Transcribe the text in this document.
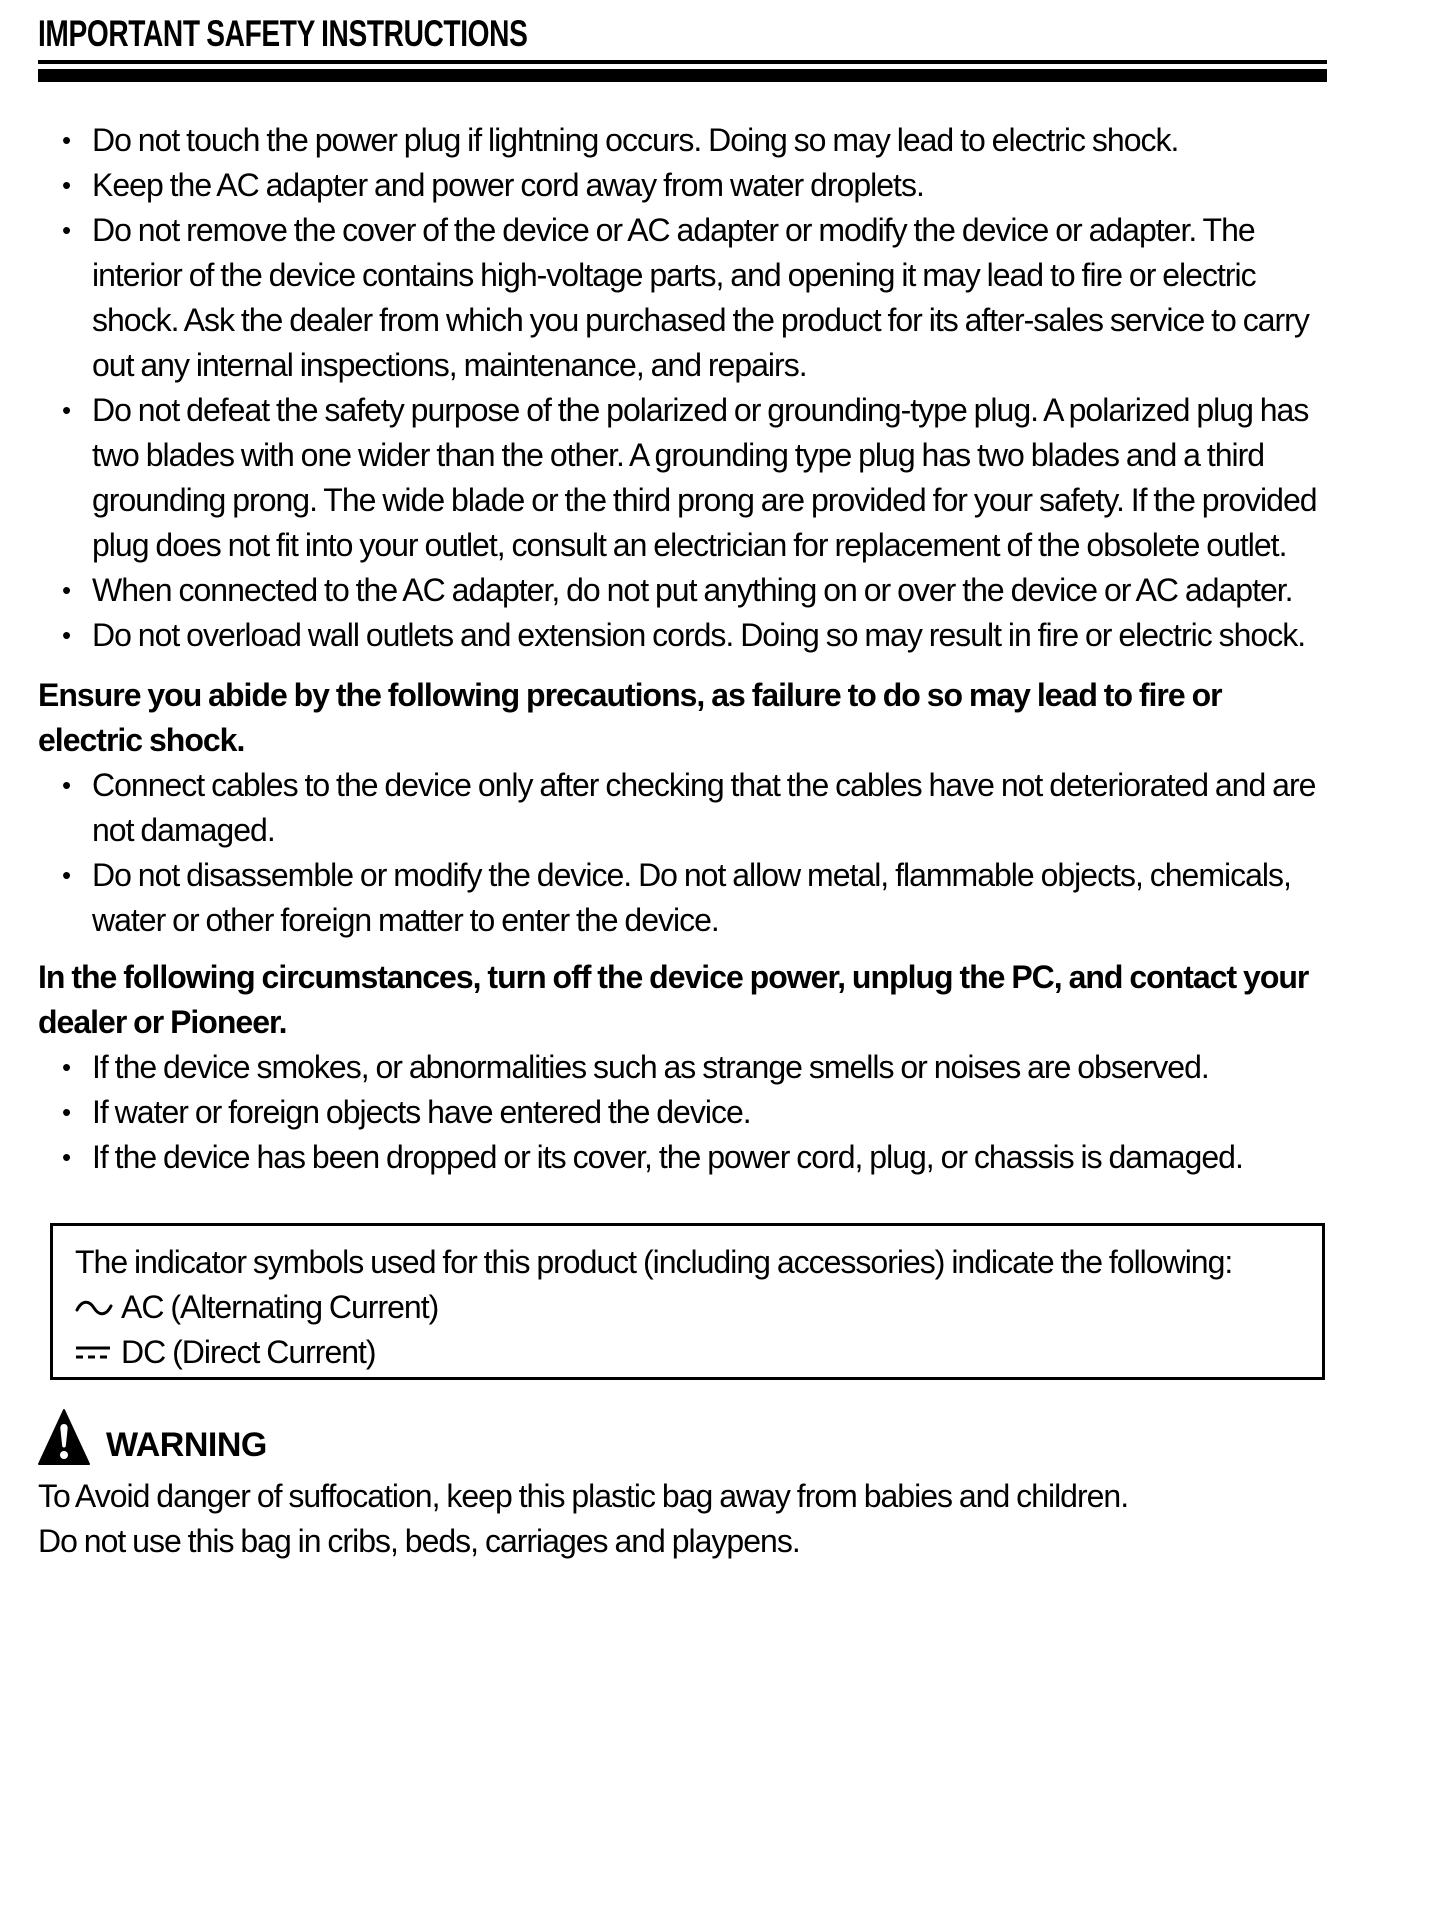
IMPORTANT SAFETY INSTRUCTIONS
• Do not touch the power plug if lightning occurs. Doing so may lead to electric shock.
• Keep the AC adapter and power cord away from water droplets.
• Do not remove the cover of the device or AC adapter or modify the device or adapter. The interior of the device contains high-voltage parts, and opening it may lead to fire or electric shock. Ask the dealer from which you purchased the product for its after-sales service to carry out any internal inspections, maintenance, and repairs.
• Do not defeat the safety purpose of the polarized or grounding-type plug. A polarized plug has two blades with one wider than the other. A grounding type plug has two blades and a third grounding prong. The wide blade or the third prong are provided for your safety. If the provided plug does not fit into your outlet, consult an electrician for replacement of the obsolete outlet.
• When connected to the AC adapter, do not put anything on or over the device or AC adapter.
• Do not overload wall outlets and extension cords. Doing so may result in fire or electric shock.

Ensure you abide by the following precautions, as failure to do so may lead to fire or electric shock.

• Connect cables to the device only after checking that the cables have not deteriorated and are not damaged.
• Do not disassemble or modify the device. Do not allow metal, flammable objects, chemicals, water or other foreign matter to enter the device.

In the following circumstances, turn off the device power, unplug the PC, and contact your dealer or Pioneer.

• If the device smokes, or abnormalities such as strange smells or noises are observed.
• If water or foreign objects have entered the device.
• If the device has been dropped or its cover, the power cord, plug, or chassis is damaged.

The indicator symbols used for this product (including accessories) indicate the following:

AC (Alternating Current)
DC (Direct Current)
WARNING

To Avoid danger of suffocation, keep this plastic bag away from babies and children.

Do not use this bag in cribs, beds, carriages and playpens.
